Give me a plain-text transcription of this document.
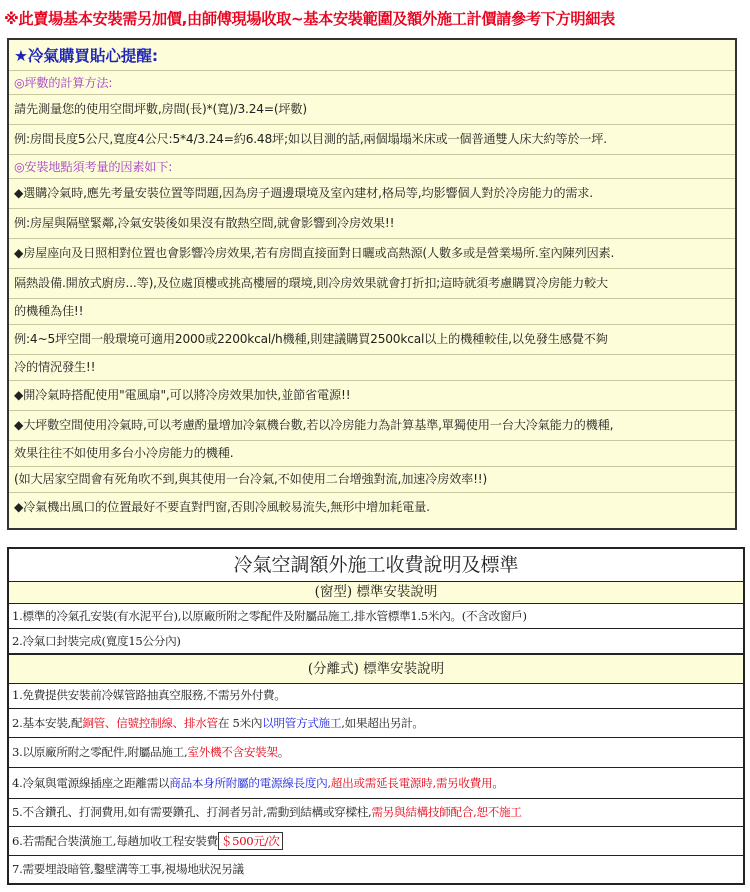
※此賣場基本安裝需另加價,由師傅現場收取~基本安裝範圍及額外施工計價請參考下方明細表
★冷氣購買貼心提醒:
◎坪數的計算方法:
請先測量您的使用空間坪數,房間(長)*(寬)/3.24=(坪數)
例:房間長度5公尺,寬度4公尺:5*4/3.24=約6.48坪;如以目測的話,兩個塌塌米床或一個普通雙人床大約等於一坪.
◎安裝地點須考量的因素如下:
◆選購冷氣時,應先考量安裝位置等問題,因為房子週邊環境及室內建材,格局等,均影響個人對於冷房能力的需求.
例:房屋與隔壁緊鄰,冷氣安裝後如果沒有散熱空間,就會影響到冷房效果!!
◆房屋座向及日照相對位置也會影響冷房效果,若有房間直接面對日曬或高熱源(人數多或是營業場所.室內陳列因素.
隔熱設備.開放式廚房...等),及位處頂樓或挑高樓層的環境,則冷房效果就會打折扣;這時就須考慮購買冷房能力較大
的機種為佳!!
例:4~5坪空間一般環境可適用2000或2200kcal/h機種,則建議購買2500kcal以上的機種較佳,以免發生感覺不夠
冷的情況發生!!
◆開冷氣時搭配使用"電風扇",可以將冷房效果加快,並節省電源!!
◆大坪數空間使用冷氣時,可以考慮酌量增加冷氣機台數,若以冷房能力為計算基準,單獨使用一台大冷氣能力的機種,
效果往往不如使用多台小冷房能力的機種.
(如大居家空間會有死角吹不到,與其使用一台冷氣,不如使用二台增強對流,加速冷房效率!!)
◆冷氣機出風口的位置最好不要直對門窗,否則冷風較易流失,無形中增加耗電量.
冷氣空調額外施工收費說明及標準
(窗型) 標準安裝說明
1.標準的冷氣孔安裝(有水泥平台),以原廠所附之零配件及附屬品施工,排水管標準1.5米內。(不含改窗戶)
2.冷氣口封裝完成(寬度15公分內)
(分離式) 標準安裝說明
1.免費提供安裝前冷媒管路抽真空服務,不需另外付費。
2.基本安裝,配銅管、信號控制線、排水管在 5米內以明管方式施工,如果超出另計。
3.以原廠所附之零配件,附屬品施工,室外機不含安裝架。
4.冷氣與電源線插座之距離需以商品本身所附屬的電源線長度內,超出或需延長電源時,需另收費用。
5.不含鑽孔、打洞費用,如有需要鑽孔、打洞者另計,需動到結構或穿樑柱,需另與結構技師配合,恕不施工
6.若需配合裝潢施工,每趟加收工程安裝費 ＄500元/次
7.需要埋設暗管,鑿壁溝等工事,視場地狀況另議
